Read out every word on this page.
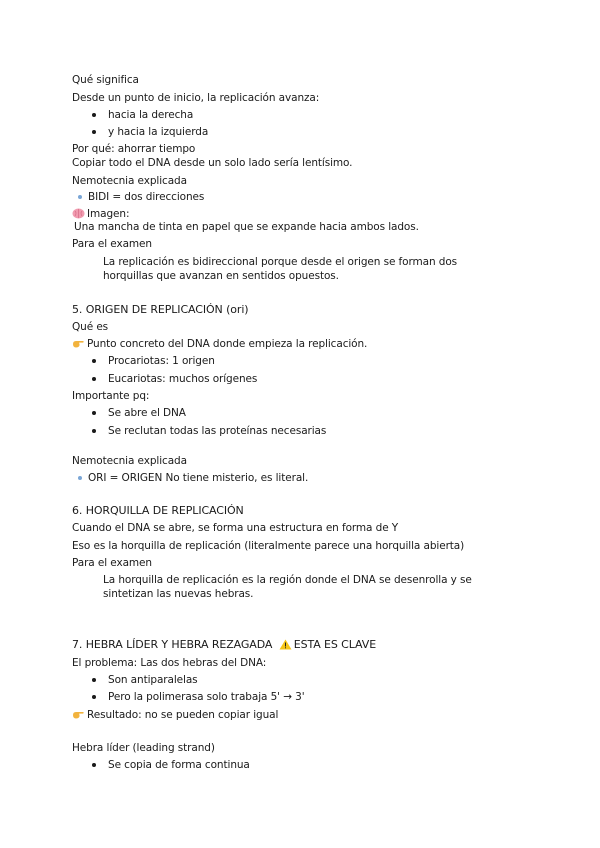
Qué significa
Desde un punto de inicio, la replicación avanza:
hacia la derecha
y hacia la izquierda
Por qué: ahorrar tiempo
Copiar todo el DNA desde un solo lado sería lentísimo.
Nemotecnia explicada
BIDI = dos direcciones
Imagen:
Una mancha de tinta en papel que se expande hacia ambos lados.
Para el examen
La replicación es bidireccional porque desde el origen se forman dos horquillas que avanzan en sentidos opuestos.
5. ORIGEN DE REPLICACIÓN (ori)
Qué es
Punto concreto del DNA donde empieza la replicación.
Procariotas: 1 origen
Eucariotas: muchos orígenes
Importante pq:
Se abre el DNA
Se reclutan todas las proteínas necesarias
Nemotecnia explicada
ORI = ORIGEN No tiene misterio, es literal.
6. HORQUILLA DE REPLICACIÓN
Cuando el DNA se abre, se forma una estructura en forma de Y
Eso es la horquilla de replicación (literalmente parece una horquilla abierta)
Para el examen
La horquilla de replicación es la región donde el DNA se desenrolla y se sintetizan las nuevas hebras.
7. HEBRA LÍDER Y HEBRA REZAGADA ESTA ES CLAVE
El problema: Las dos hebras del DNA:
Son antiparalelas
Pero la polimerasa solo trabaja 5' → 3'
Resultado: no se pueden copiar igual
Hebra líder (leading strand)
Se copia de forma continua
